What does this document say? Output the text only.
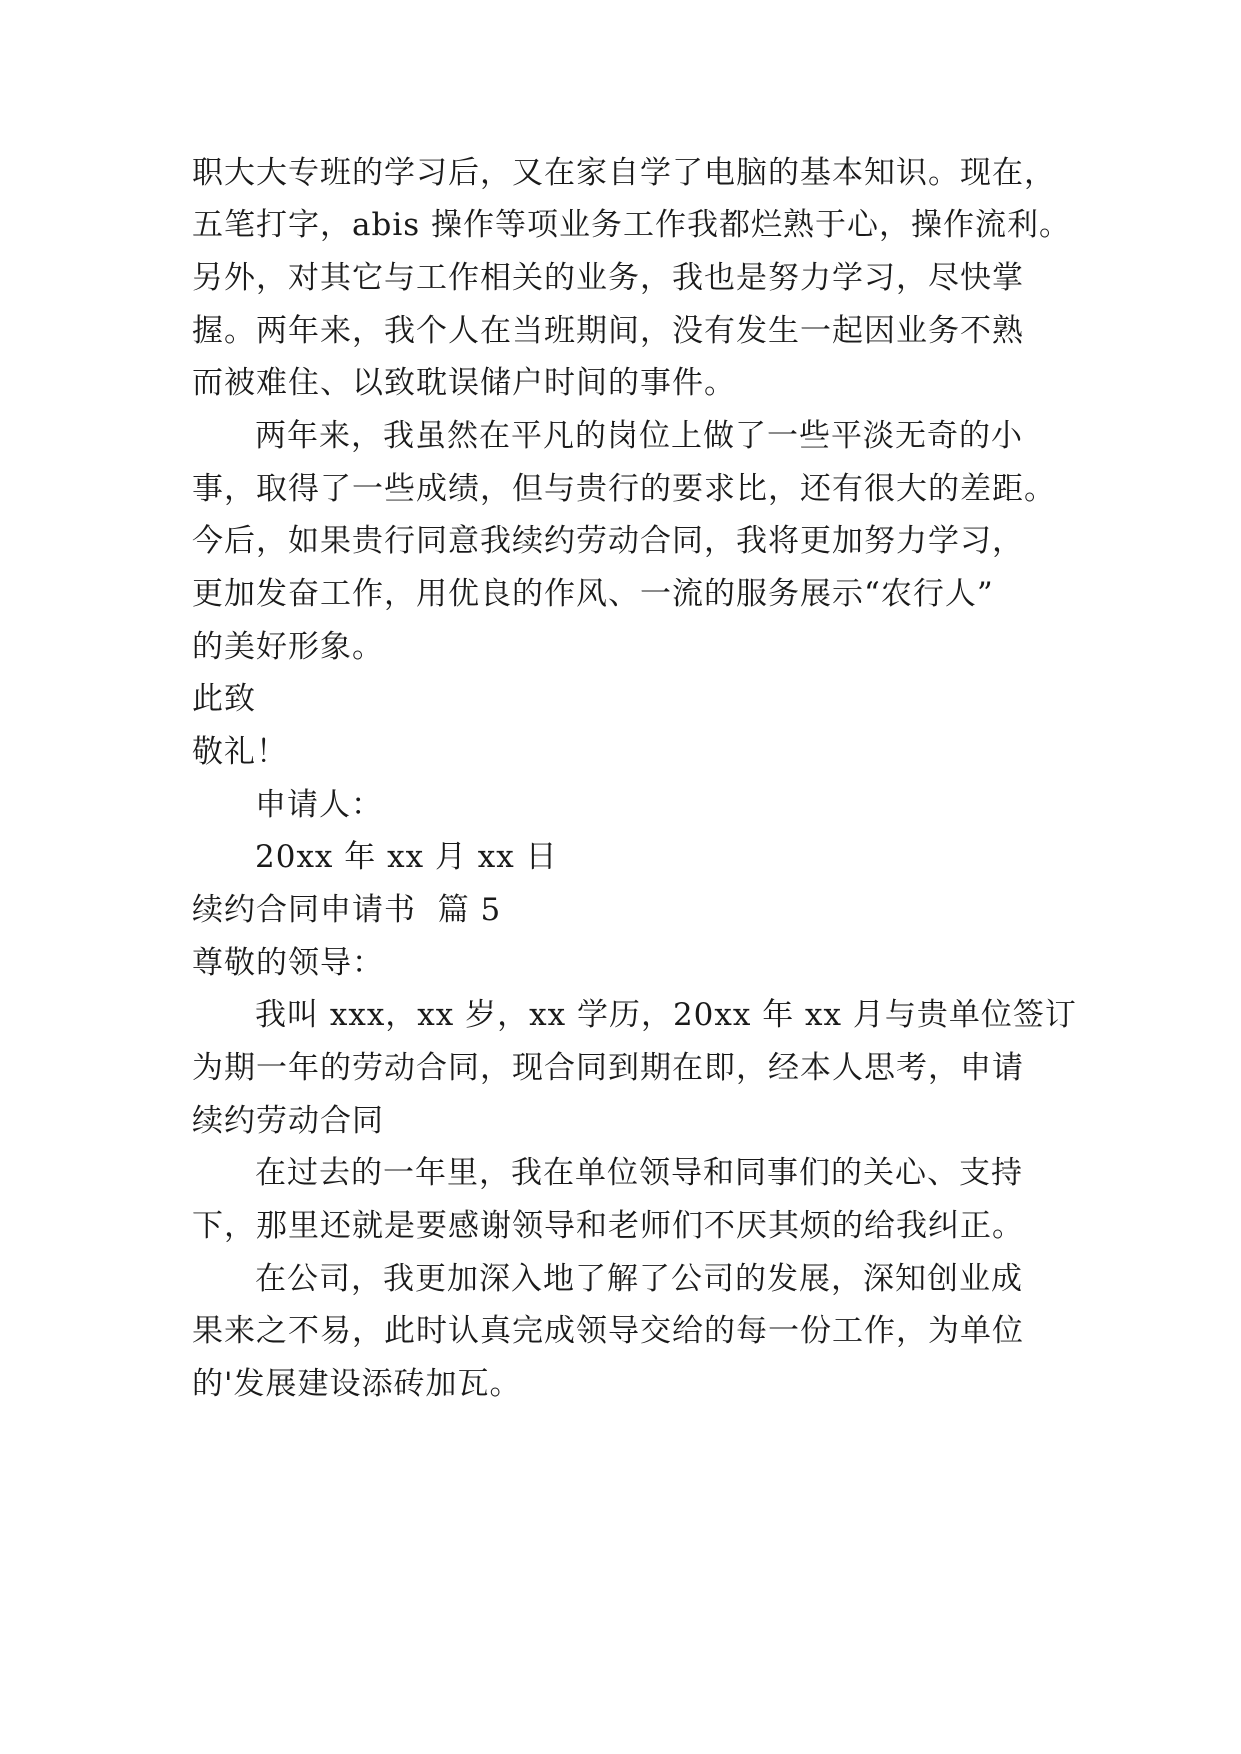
职大大专班的学习后，又在家自学了电脑的基本知识。现在，
五笔打字，abis 操作等项业务工作我都烂熟于心，操作流利。
另外，对其它与工作相关的业务，我也是努力学习，尽快掌
握。两年来，我个人在当班期间，没有发生一起因业务不熟
而被难住、以致耽误储户时间的事件。
两年来，我虽然在平凡的岗位上做了一些平淡无奇的小
事，取得了一些成绩，但与贵行的要求比，还有很大的差距。
今后，如果贵行同意我续约劳动合同，我将更加努力学习，
更加发奋工作，用优良的作风、一流的服务展示“农行人”
的美好形象。
此致
敬礼！
申请人：
20xx 年 xx 月 xx 日
续约合同申请书  篇 5
尊敬的领导：
我叫 xxx，xx 岁，xx 学历，20xx 年 xx 月与贵单位签订
为期一年的劳动合同，现合同到期在即，经本人思考，申请
续约劳动合同
在过去的一年里，我在单位领导和同事们的关心、支持
下，那里还就是要感谢领导和老师们不厌其烦的给我纠正。
在公司，我更加深入地了解了公司的发展，深知创业成
果来之不易，此时认真完成领导交给的每一份工作，为单位
的'发展建设添砖加瓦。
